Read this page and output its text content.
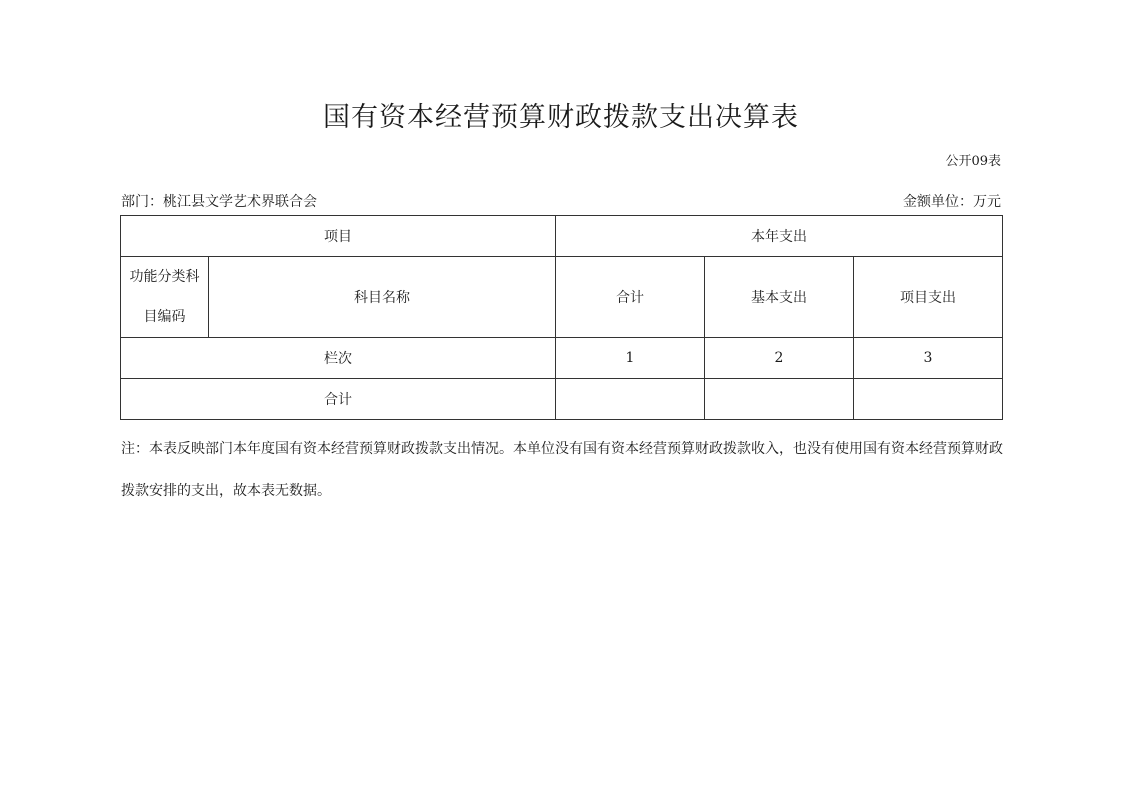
国有资本经营预算财政拨款支出决算表
公开09表
部门：桃江县文学艺术界联合会	金额单位：万元
项目		本年支出		
功能分类科目编码	科目名称	合计	基本支出	项目支出
栏次		1	2	3
合计				
注：本表反映部门本年度国有资本经营预算财政拨款支出情况。本单位没有国有资本经营预算财政拨款收入，也没有使用国有资本经营预算财政拨款安排的支出，故本表无数据。
